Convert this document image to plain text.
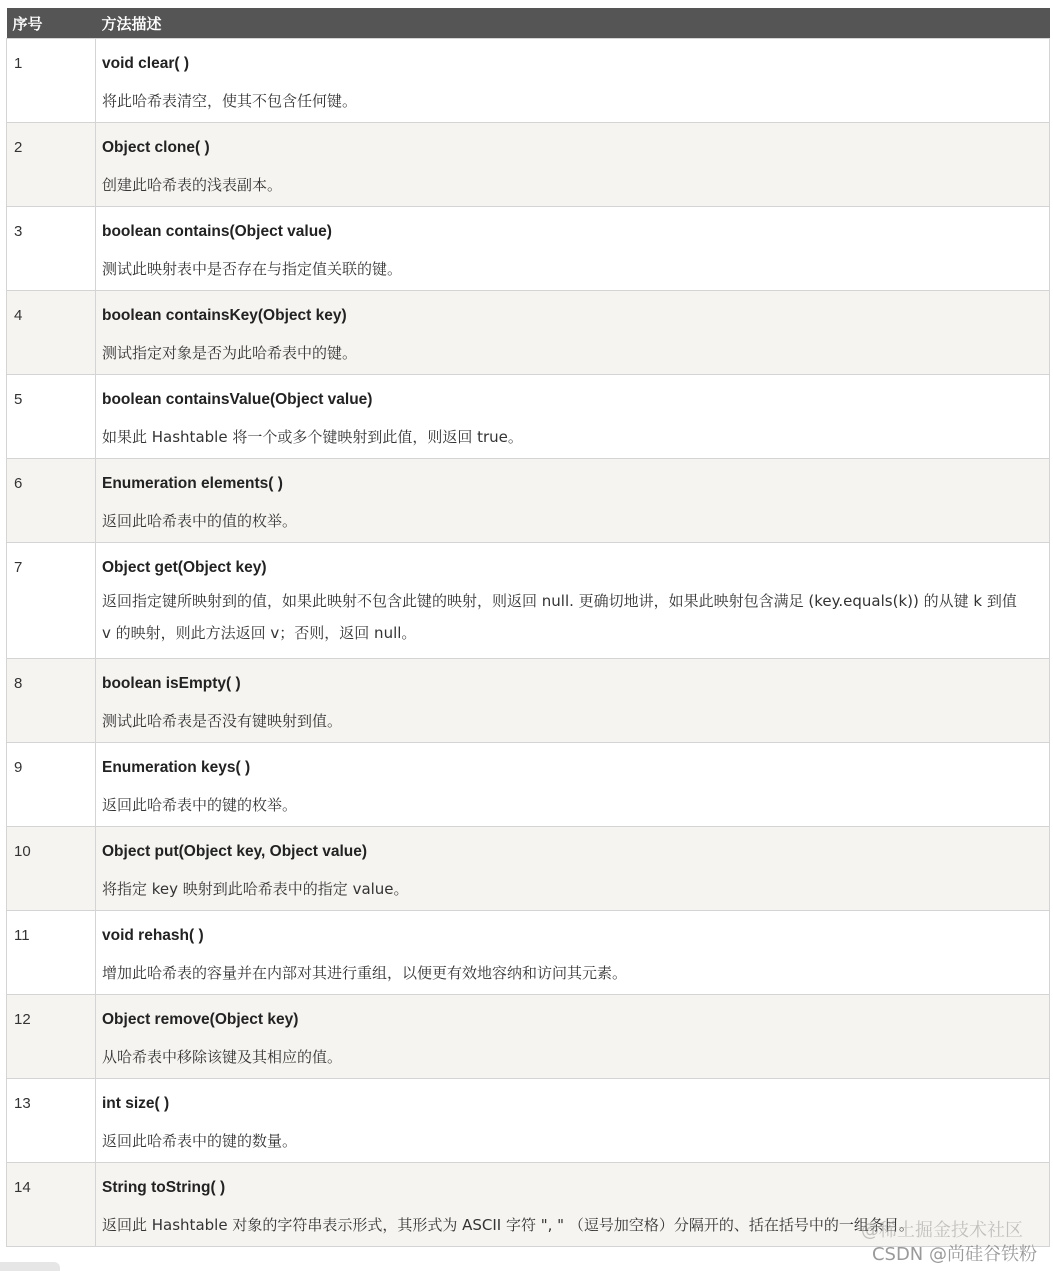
序号	方法描述
1	void clear( )
将此哈希表清空，使其不包含任何键。

2	Object clone( )
创建此哈希表的浅表副本。

3	boolean contains(Object value)
测试此映射表中是否存在与指定值关联的键。

4	boolean containsKey(Object key)
测试指定对象是否为此哈希表中的键。

5	boolean containsValue(Object value)
如果此 Hashtable 将一个或多个键映射到此值，则返回 true。

6	Enumeration elements( )
返回此哈希表中的值的枚举。

7	Object get(Object key)
返回指定键所映射到的值，如果此映射不包含此键的映射，则返回 null. 更确切地讲，如果此映射包含满足 (key.equals(k)) 的从键 k 到值 v 的映射，则此方法返回 v；否则，返回 null。

8	boolean isEmpty( )
测试此哈希表是否没有键映射到值。

9	Enumeration keys( )
返回此哈希表中的键的枚举。

10	Object put(Object key, Object value)
将指定 key 映射到此哈希表中的指定 value。

11	void rehash( )
增加此哈希表的容量并在内部对其进行重组，以便更有效地容纳和访问其元素。

12	Object remove(Object key)
从哈希表中移除该键及其相应的值。

13	int size( )
返回此哈希表中的键的数量。

14	String toString( )
返回此 Hashtable 对象的字符串表示形式，其形式为 ASCII 字符 ", " （逗号加空格）分隔开的、括在括号中的一组条目。
@稀土掘金技术社区
CSDN @尚硅谷铁粉
